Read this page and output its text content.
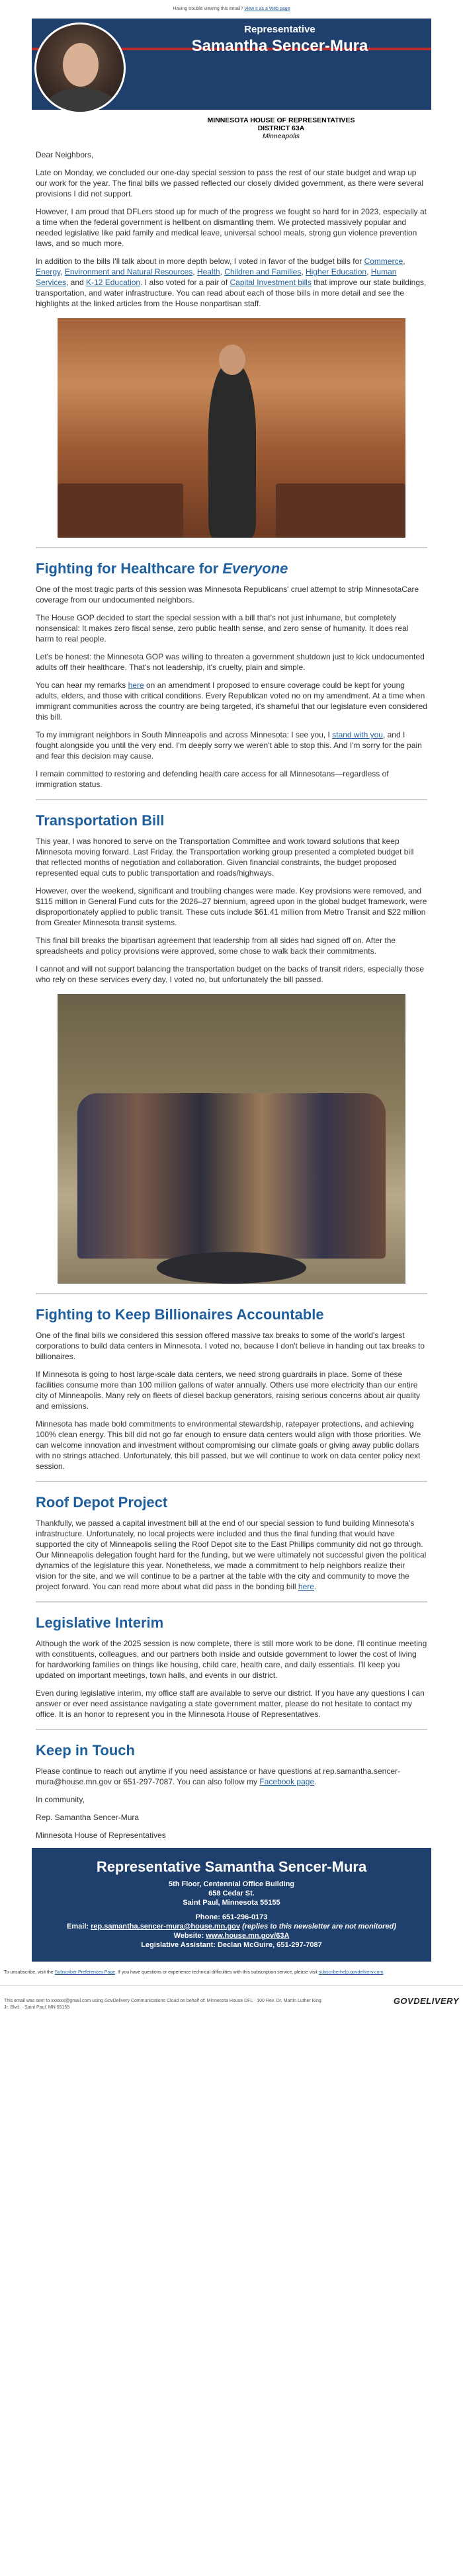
Having trouble viewing this email? View it as a Web page
Representative
Samantha Sencer-Mura
MINNESOTA HOUSE OF REPRESENTATIVES
DISTRICT 63A
Minneapolis

Dear Neighbors,

Late on Monday, we concluded our one-day special session to pass the rest of our state budget and wrap up our work for the year. The final bills we passed reflected our closely divided government, as there were several provisions I did not support.

However, I am proud that DFLers stood up for much of the progress we fought so hard for in 2023, especially at a time when the federal government is hellbent on dismantling them. We protected massively popular and needed legislative like paid family and medical leave, universal school meals, strong gun violence prevention laws, and so much more.

In addition to the bills I'll talk about in more depth below, I voted in favor of the budget bills for Commerce, Energy, Environment and Natural Resources, Health, Children and Families, Higher Education, Human Services, and K-12 Education. I also voted for a pair of Capital Investment bills that improve our state buildings, transportation, and water infrastructure. You can read about each of those bills in more detail and see the highlights at the linked articles from the House nonpartisan staff.

Fighting for Healthcare for Everyone

One of the most tragic parts of this session was Minnesota Republicans' cruel attempt to strip MinnesotaCare coverage from our undocumented neighbors.

The House GOP decided to start the special session with a bill that's not just inhumane, but completely nonsensical: It makes zero fiscal sense, zero public health sense, and zero sense of humanity. It does real harm to real people.

Let's be honest: the Minnesota GOP was willing to threaten a government shutdown just to kick undocumented adults off their healthcare. That's not leadership, it's cruelty, plain and simple.

You can hear my remarks here on an amendment I proposed to ensure coverage could be kept for young adults, elders, and those with critical conditions. Every Republican voted no on my amendment. At a time when immigrant communities across the country are being targeted, it's shameful that our legislature even considered this bill.

To my immigrant neighbors in South Minneapolis and across Minnesota: I see you, I stand with you, and I fought alongside you until the very end. I'm deeply sorry we weren't able to stop this. And I'm sorry for the pain and fear this decision may cause.

I remain committed to restoring and defending health care access for all Minnesotans—regardless of immigration status.

Transportation Bill

This year, I was honored to serve on the Transportation Committee and work toward solutions that keep Minnesota moving forward. Last Friday, the Transportation working group presented a completed budget bill that reflected months of negotiation and collaboration. Given financial constraints, the budget proposed represented equal cuts to public transportation and roads/highways.

However, over the weekend, significant and troubling changes were made. Key provisions were removed, and $115 million in General Fund cuts for the 2026–27 biennium, agreed upon in the global budget framework, were disproportionately applied to public transit. These cuts include $61.41 million from Metro Transit and $22 million from Greater Minnesota transit systems.

This final bill breaks the bipartisan agreement that leadership from all sides had signed off on. After the spreadsheets and policy provisions were approved, some chose to walk back their commitments.

I cannot and will not support balancing the transportation budget on the backs of transit riders, especially those who rely on these services every day. I voted no, but unfortunately the bill passed.

Fighting to Keep Billionaires Accountable

One of the final bills we considered this session offered massive tax breaks to some of the world's largest corporations to build data centers in Minnesota. I voted no, because I don't believe in handing out tax breaks to billionaires.

If Minnesota is going to host large-scale data centers, we need strong guardrails in place. Some of these facilities consume more than 100 million gallons of water annually. Others use more electricity than our entire city of Minneapolis. Many rely on fleets of diesel backup generators, raising serious concerns about air quality and emissions.

Minnesota has made bold commitments to environmental stewardship, ratepayer protections, and achieving 100% clean energy. This bill did not go far enough to ensure data centers would align with those priorities. We can welcome innovation and investment without compromising our climate goals or giving away public dollars with no strings attached. Unfortunately, this bill passed, but we will continue to work on data center policy next session.

Roof Depot Project

Thankfully, we passed a capital investment bill at the end of our special session to fund building Minnesota's infrastructure. Unfortunately, no local projects were included and thus the final funding that would have supported the city of Minneapolis selling the Roof Depot site to the East Phillips community did not go through. Our Minneapolis delegation fought hard for the funding, but we were ultimately not successful given the political dynamics of the legislature this year. Nonetheless, we made a commitment to help neighbors realize their vision for the site, and we will continue to be a partner at the table with the city and community to move the project forward. You can read more about what did pass in the bonding bill here.

Legislative Interim

Although the work of the 2025 session is now complete, there is still more work to be done. I'll continue meeting with constituents, colleagues, and our partners both inside and outside government to lower the cost of living for hardworking families on things like housing, child care, health care, and daily essentials. I'll keep you updated on important meetings, town halls, and events in our district.

Even during legislative interim, my office staff are available to serve our district. If you have any questions I can answer or ever need assistance navigating a state government matter, please do not hesitate to contact my office. It is an honor to represent you in the Minnesota House of Representatives.

Keep in Touch

Please continue to reach out anytime if you need assistance or have questions at rep.samantha.sencer-mura@house.mn.gov or 651-297-7087. You can also follow my Facebook page.

In community,

Rep. Samantha Sencer-Mura

Minnesota House of Representatives

Representative Samantha Sencer-Mura
5th Floor, Centennial Office Building
658 Cedar St.
Saint Paul, Minnesota 55155
Phone: 651-296-0173
Email: rep.samantha.sencer-mura@house.mn.gov (replies to this newsletter are not monitored)
Website: www.house.mn.gov/63A
Legislative Assistant: Declan McGuire, 651-297-7087
To unsubscribe, visit the Subscriber Preferences Page. If you have questions or experience technical difficulties with this subscription service, please visit subscriberhelp.govdelivery.com.
This email was sent to xxxxxx@gmail.com using GovDelivery Communications Cloud on behalf of: Minnesota House DFL · 100 Rev. Dr. Martin Luther King Jr. Blvd. · Saint Paul, MN 55155
GOVDELIVERY
